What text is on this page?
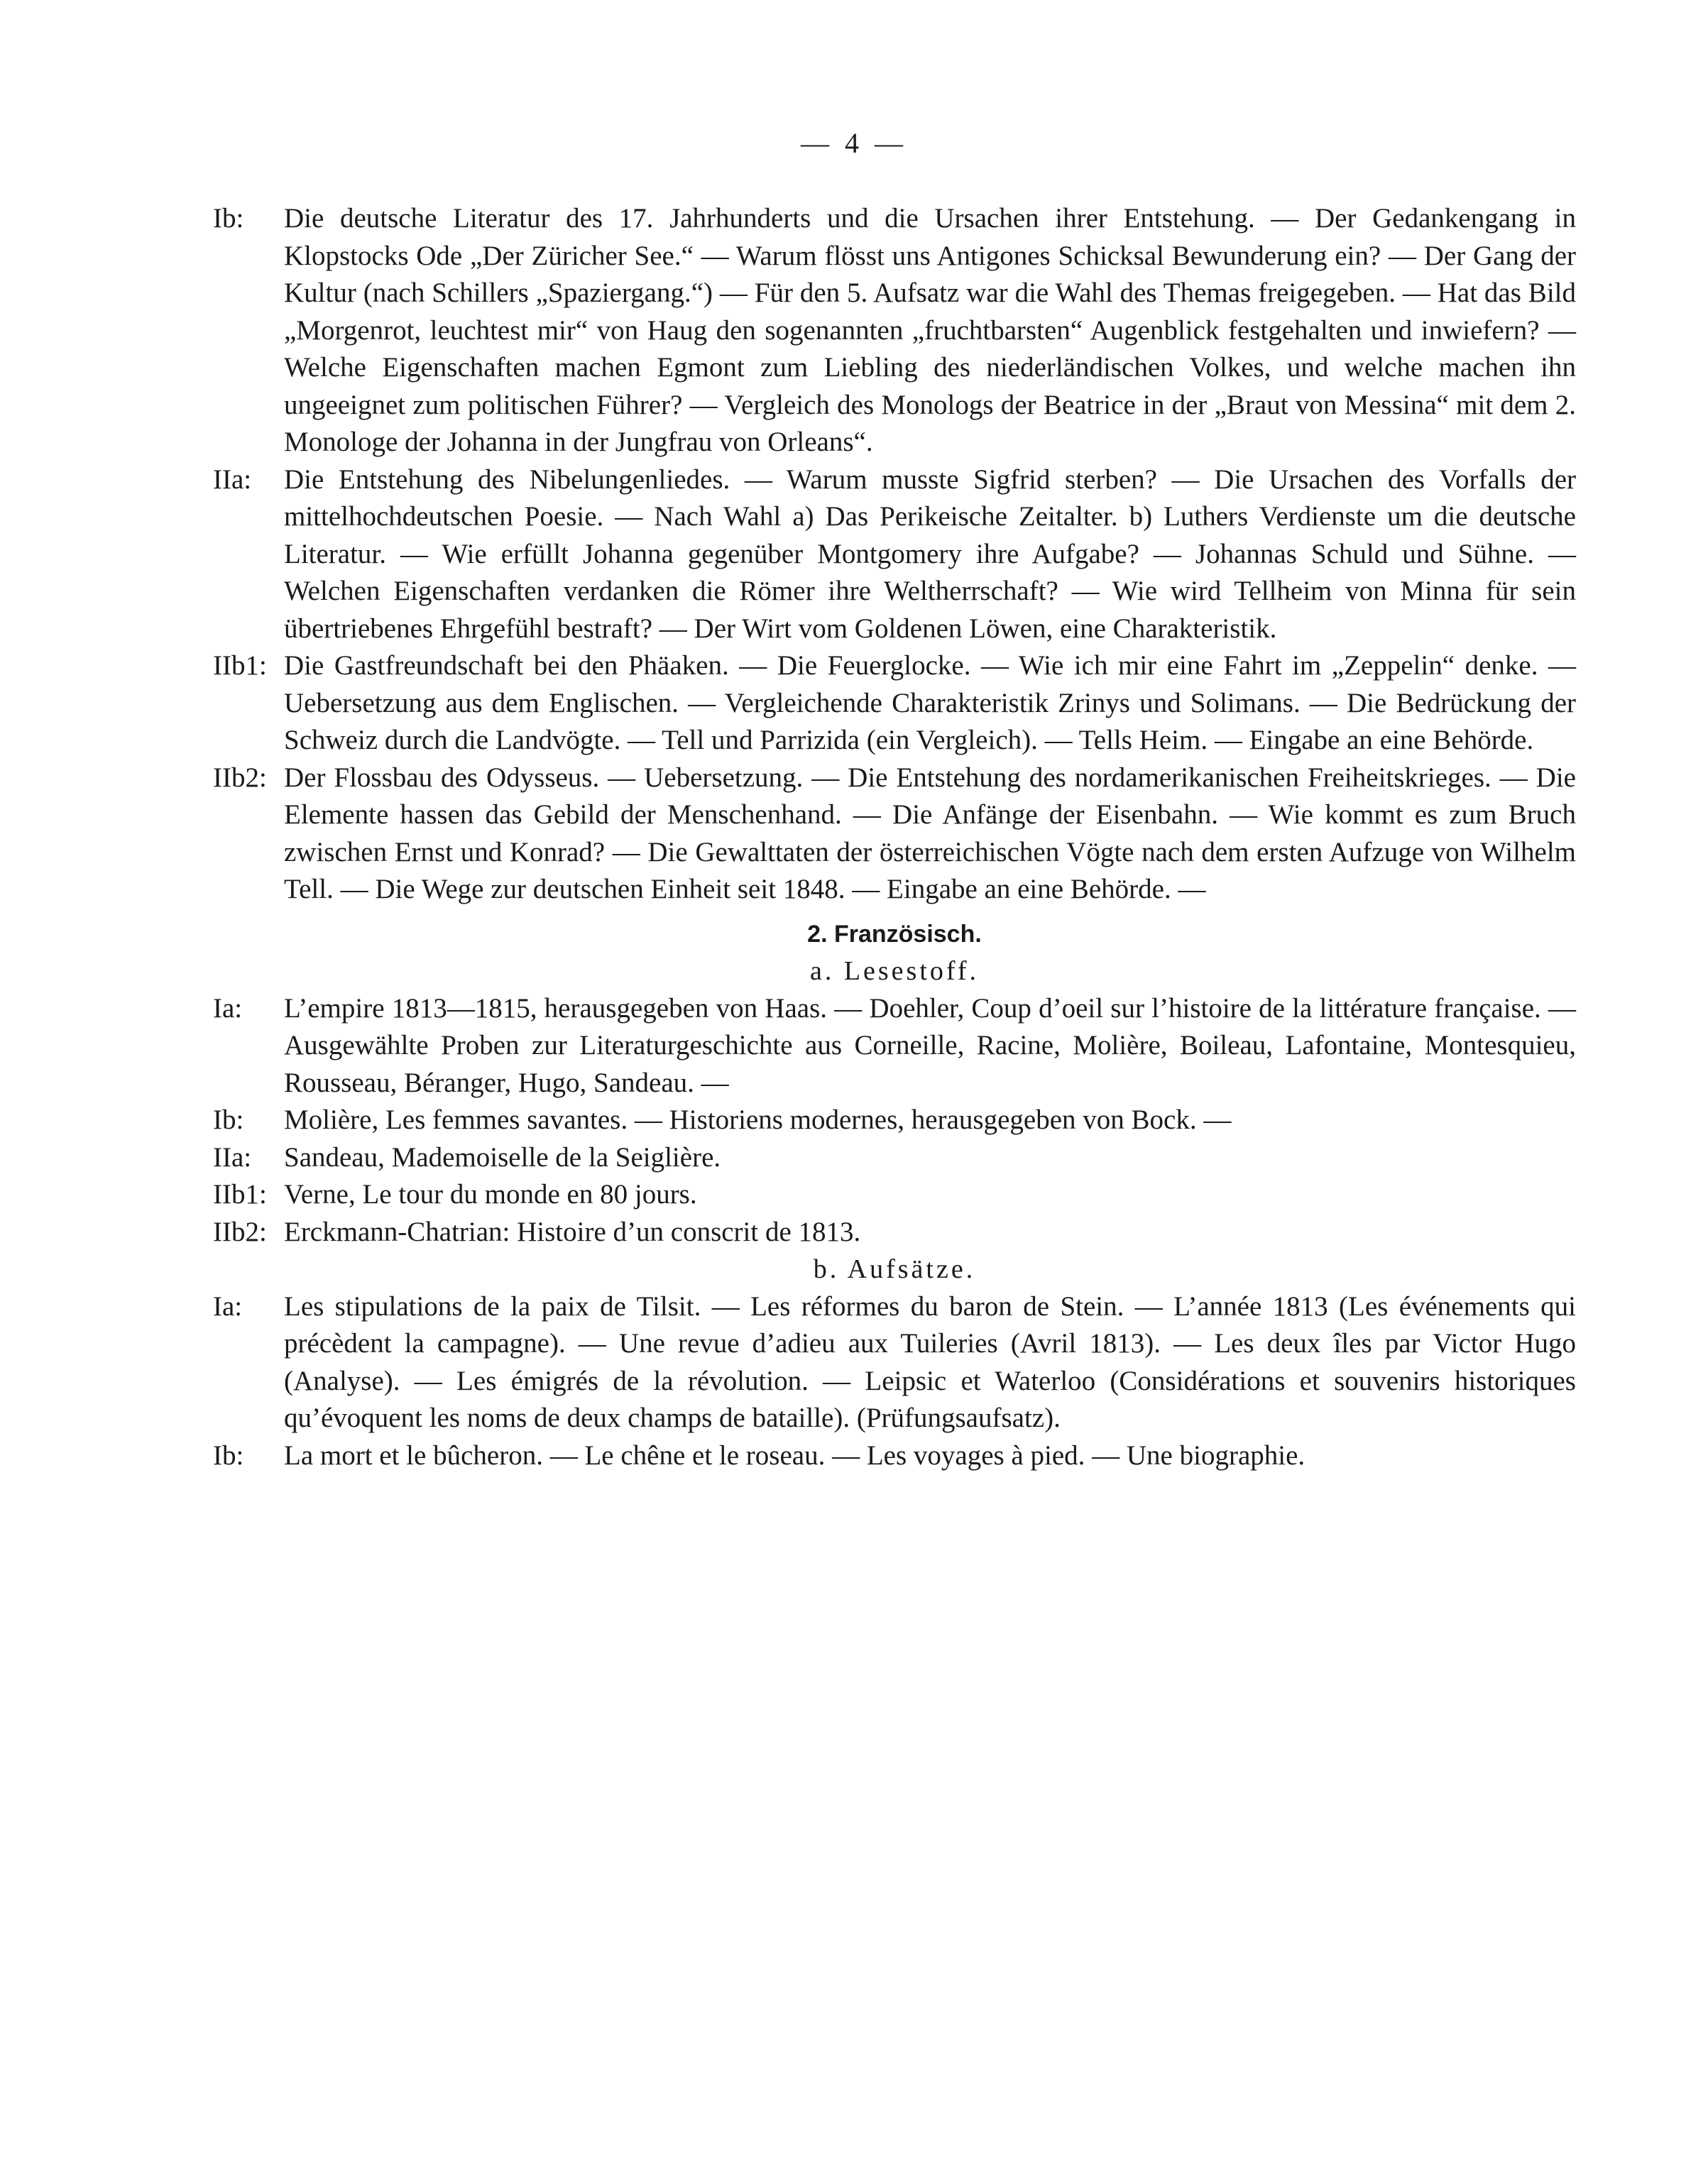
— 4 —
Ib:	Die deutsche Literatur des 17. Jahrhunderts und die Ursachen ihrer Entstehung. — Der Gedankengang in Klopstocks Ode „Der Züricher See.“ — Warum flösst uns Antigones Schicksal Bewunderung ein? — Der Gang der Kultur (nach Schillers „Spaziergang.“) — Für den 5. Aufsatz war die Wahl des Themas freigegeben. — Hat das Bild „Morgenrot, leuchtest mir“ von Haug den sogenannten „fruchtbarsten“ Augenblick festgehalten und inwiefern? — Welche Eigenschaften machen Egmont zum Liebling des niederländischen Volkes, und welche machen ihn ungeeignet zum politischen Führer? — Vergleich des Monologs der Beatrice in der „Braut von Messina“ mit dem 2. Monologe der Johanna in der Jungfrau von Orleans“.
IIa:	Die Entstehung des Nibelungenliedes. — Warum musste Sigfrid sterben? — Die Ursachen des Vorfalls der mittelhochdeutschen Poesie. — Nach Wahl a) Das Perikeische Zeitalter. b) Luthers Verdienste um die deutsche Literatur. — Wie erfüllt Johanna gegenüber Montgomery ihre Aufgabe? — Johannas Schuld und Sühne. — Welchen Eigenschaften verdanken die Römer ihre Weltherrschaft? — Wie wird Tellheim von Minna für sein übertriebenes Ehrgefühl bestraft? — Der Wirt vom Goldenen Löwen, eine Charakteristik.
IIb1: Die Gastfreundschaft bei den Phäaken. — Die Feuerglocke. — Wie ich mir eine Fahrt im „Zeppelin“ denke. — Uebersetzung aus dem Englischen. — Vergleichende Charakteristik Zrinys und Solimans. — Die Bedrückung der Schweiz durch die Landvögte. — Tell und Parrizida (ein Vergleich). — Tells Heim. — Eingabe an eine Behörde.
IIb2: Der Flossbau des Odysseus. — Uebersetzung. — Die Entstehung des nordamerikanischen Freiheitskrieges. — Die Elemente hassen das Gebild der Menschenhand. — Die Anfänge der Eisenbahn. — Wie kommt es zum Bruch zwischen Ernst und Konrad? — Die Gewalttaten der österreichischen Vögte nach dem ersten Aufzuge von Wilhelm Tell. — Die Wege zur deutschen Einheit seit 1848. — Eingabe an eine Behörde. —
2. Französisch.
a. Lesestoff.
Ia:	L’empire 1813—1815, herausgegeben von Haas. — Doehler, Coup d’oeil sur l’histoire de la littérature française. — Ausgewählte Proben zur Literaturgeschichte aus Corneille, Racine, Molière, Boileau, Lafontaine, Montesquieu, Rousseau, Béranger, Hugo, Sandeau. —
Ib:	Molière, Les femmes savantes. — Historiens modernes, herausgegeben von Bock. —
IIa:	Sandeau, Mademoiselle de la Seiglière.
IIb1: Verne, Le tour du monde en 80 jours.
IIb2: Erckmann-Chatrian: Histoire d’un conscrit de 1813.
b. Aufsätze.
Ia:	Les stipulations de la paix de Tilsit. — Les réformes du baron de Stein. — L’année 1813 (Les événements qui précèdent la campagne). — Une revue d’adieu aux Tuileries (Avril 1813). — Les deux îles par Victor Hugo (Analyse). — Les émigrés de la révolution. — Leipsic et Waterloo (Considérations et souvenirs historiques qu’évoquent les noms de deux champs de bataille). (Prüfungsaufsatz).
Ib:	La mort et le bûcheron. — Le chêne et le roseau. — Les voyages à pied. — Une biographie.
